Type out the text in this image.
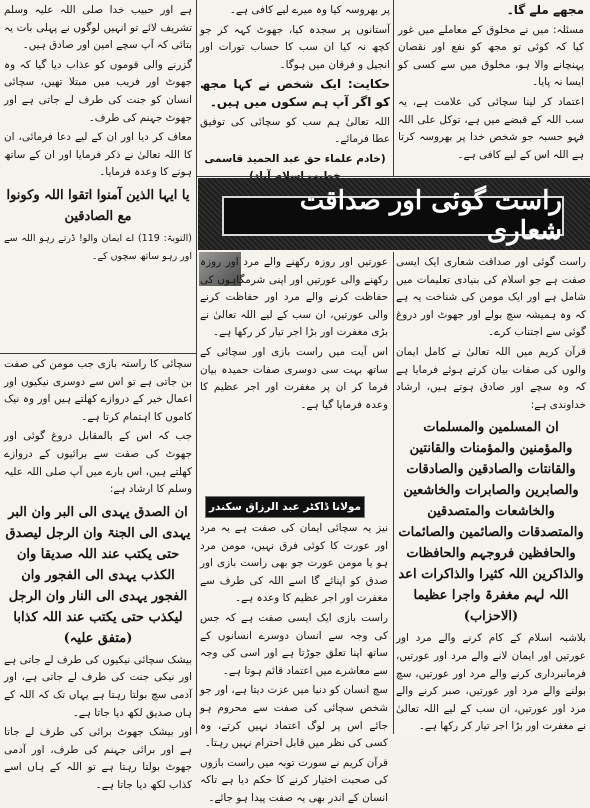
مجھے ملے گا۔

مسئلہ: میں نے مخلوق کے معاملے میں غور کیا کہ کوئی تو مجھ کو نفع اور نقصان پہنچانے والا ہو، مخلوق میں سے کسی کو ایسا نہ پایا۔

اعتماد کر لینا سچائی کی علامت ہے، یہ سب اللہ کے قبضے میں ہے، توکل علی اللہ فہو حسبہ جو شخص خدا پر بھروسہ کرتا ہے اللہ اس کے لیے کافی ہے۔

پر بھروسہ کیا وہ میرے لیے کافی ہے۔

آستانوں پر سجدہ کیا، جھوٹ کہہ کر جو کچھ نہ کیا ان سب کا حساب تورات اور انجیل و فرقان میں ہوگا۔

حکایت: ایک شخص نے کہا مجھ کو اگر آپ ہم سکوں میں ہیں۔

اللہ تعالیٰ ہم سب کو سچائی کی توفیق عطا فرمائے۔

(خادم علماء حق عبد الحمید قاسمی

ہے اور حبیب خدا صلی اللہ علیہ وسلم تشریف لائے تو انہیں لوگوں نے پہلی بات یہ بتائی کہ آپ سچے امین اور صادق ہیں۔

گزرنے والی قوموں کو عذاب دیا گیا کہ وہ جھوٹ اور فریب میں مبتلا تھیں، سچائی انسان کو جنت کی طرف لے جاتی ہے اور جھوٹ جہنم کی طرف۔

معاف کر دیا اور ان کے لیے دعا فرمائی، ان کا اللہ تعالیٰ نے ذکر فرمایا اور ان کے ساتھ ہونے کا وعدہ فرمایا۔

یا ایہا الذین آمنوا اتقوا اللہ وکونوا مع الصادقین

(التوبۃ: 119) اے ایمان والو! ڈرتے رہو اللہ سے اور رہو ساتھ سچوں کے۔

سچائی کا راستہ بازی جب مومن کی صفت بن جاتی ہے تو اس سے دوسری نیکیوں اور اعمال خیر کے دروازے کھلتے ہیں اور وہ نیک کاموں کا اہتمام کرتا ہے۔

جب کہ اس کے بالمقابل دروغ گوئی اور جھوٹ کی صفت سے برائیوں کے دروازے کھلتے ہیں، اس بارے میں آپ صلی اللہ علیہ وسلم کا ارشاد ہے:

ان الصدق یہدی الی البر وان البر یہدی الی الجنۃ وان الرجل لیصدق حتی یکتب عند اللہ صدیقا وان الکذب یہدی الی الفجور وان الفجور یہدی الی النار وان الرجل لیکذب حتی یکتب عند اللہ کذابا (متفق علیہ)

بیشک سچائی نیکیوں کی طرف لے جاتی ہے اور نیکی جنت کی طرف لے جاتی ہے، اور آدمی سچ بولتا رہتا ہے یہاں تک کہ اللہ کے ہاں صدیق لکھ دیا جاتا ہے۔

اور بیشک جھوٹ برائی کی طرف لے جاتا ہے اور برائی جہنم کی طرف، اور آدمی جھوٹ بولتا رہتا ہے تو اللہ کے ہاں اسے کذاب لکھ دیا جاتا ہے۔

راست گوئی اور صداقت شعاری

راست گوئی اور صداقت شعاری ایک ایسی صفت ہے جو اسلام کی بنیادی تعلیمات میں شامل ہے اور ایک مومن کی شناخت یہ ہے کہ وہ ہمیشہ سچ بولے اور جھوٹ اور دروغ گوئی سے اجتناب کرے۔

قرآن کریم میں اللہ تعالیٰ نے کامل ایمان والوں کی صفات بیان کرتے ہوئے فرمایا ہے کہ وہ سچے اور صادق ہوتے ہیں، ارشاد خداوندی ہے:

ان المسلمین والمسلمات والمؤمنین والمؤمنات والقانتین والقانتات والصادقین والصادقات والصابرین والصابرات والخاشعین والخاشعات والمتصدقین والمتصدقات والصائمین والصائمات والحافظین فروجہم والحافظات والذاکرین اللہ کثیرا والذاکرات اعد اللہ لہم مغفرۃ واجرا عظیما (الاحزاب)

بلاشبہ اسلام کے کام کرنے والے مرد اور عورتیں اور ایمان لانے والے مرد اور عورتیں، فرمانبرداری کرنے والے مرد اور عورتیں، سچ بولنے والے مرد اور عورتیں، صبر کرنے والے مرد اور عورتیں، ان سب کے لیے اللہ تعالیٰ نے مغفرت اور بڑا اجر تیار کر رکھا ہے۔

عورتیں اور روزہ رکھنے والے مرد اور روزہ رکھنے والی عورتیں اور اپنی شرمگاہوں کی حفاظت کرنے والے مرد اور حفاظت کرنے والی عورتیں، ان سب کے لیے اللہ تعالیٰ نے بڑی مغفرت اور بڑا اجر تیار کر رکھا ہے۔

اس آیت میں راست بازی اور سچائی کے ساتھ بہت سی دوسری صفات حمیدہ بیان فرما کر ان پر مغفرت اور اجر عظیم کا وعدہ فرمایا گیا ہے۔

مولانا ڈاکٹر عبد الرزاق سکندر

نیز یہ سچائی ایمان کی صفت ہے یہ مرد اور عورت کا کوئی فرق نہیں، مومن مرد ہو یا مومن عورت جو بھی راست بازی اور صدق کو اپنائے گا اسے اللہ کی طرف سے مغفرت اور اجر عظیم کا وعدہ ہے۔

راست بازی ایک ایسی صفت ہے کہ جس کی وجہ سے انسان دوسرے انسانوں کے ساتھ اپنا تعلق جوڑتا ہے اور اسی کی وجہ سے معاشرے میں اعتماد قائم ہوتا ہے۔

سچ انسان کو دنیا میں عزت دیتا ہے، اور جو شخص سچائی کی صفت سے محروم ہو جائے اس پر لوگ اعتماد نہیں کرتے، وہ کسی کی نظر میں قابل احترام نہیں رہتا۔

قرآن کریم نے سورت توبہ میں راست بازوں کی صحبت اختیار کرنے کا حکم دیا ہے تاکہ انسان کے اندر بھی یہ صفت پیدا ہو جائے۔
